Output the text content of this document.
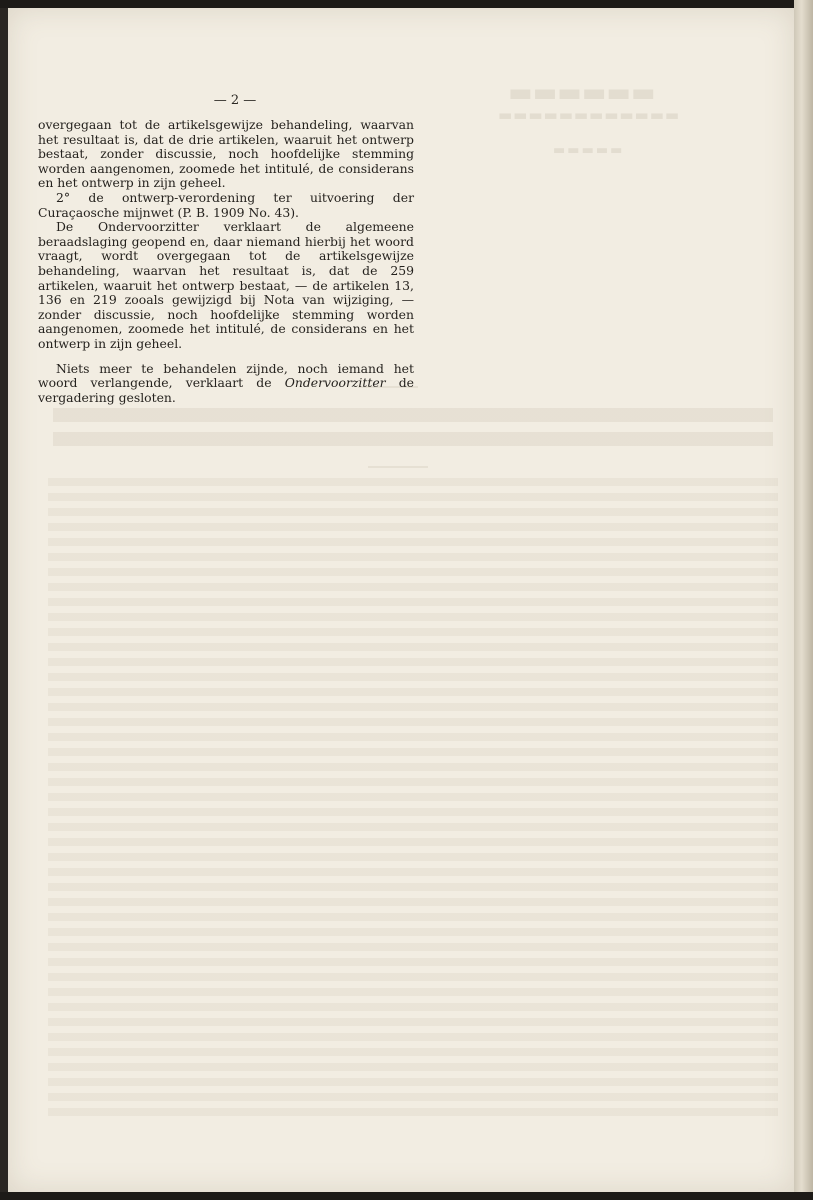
▬▬▬▬▬▬
▬▬▬▬▬▬▬▬▬▬▬▬
▬▬▬▬▬
— 2 —

overgegaan tot de artikelsgewijze behandeling, waarvan het resultaat is, dat de drie artikelen, waaruit het ontwerp bestaat, zonder discussie, noch hoofdelijke stemming worden aangenomen, zoomede het intitulé, de considerans en het ontwerp in zijn geheel.

2° de ontwerp-verordening ter uitvoering der Curaçaosche mijnwet (P. B. 1909 No. 43).

De Ondervoorzitter verklaart de algemeene beraadslaging geopend en, daar niemand hierbij het woord vraagt, wordt overgegaan tot de artikelsgewijze behandeling, waarvan het resultaat is, dat de 259 artikelen, waaruit het ontwerp bestaat, — de artikelen 13, 136 en 219 zooals gewijzigd bij Nota van wijziging, — zonder discussie, noch hoofdelijke stemming worden aangenomen, zoomede het intitulé, de considerans en het ontwerp in zijn geheel.

Niets meer te behandelen zijnde, noch iemand het woord verlangende, verklaart de Ondervoorzitter de vergadering gesloten.
